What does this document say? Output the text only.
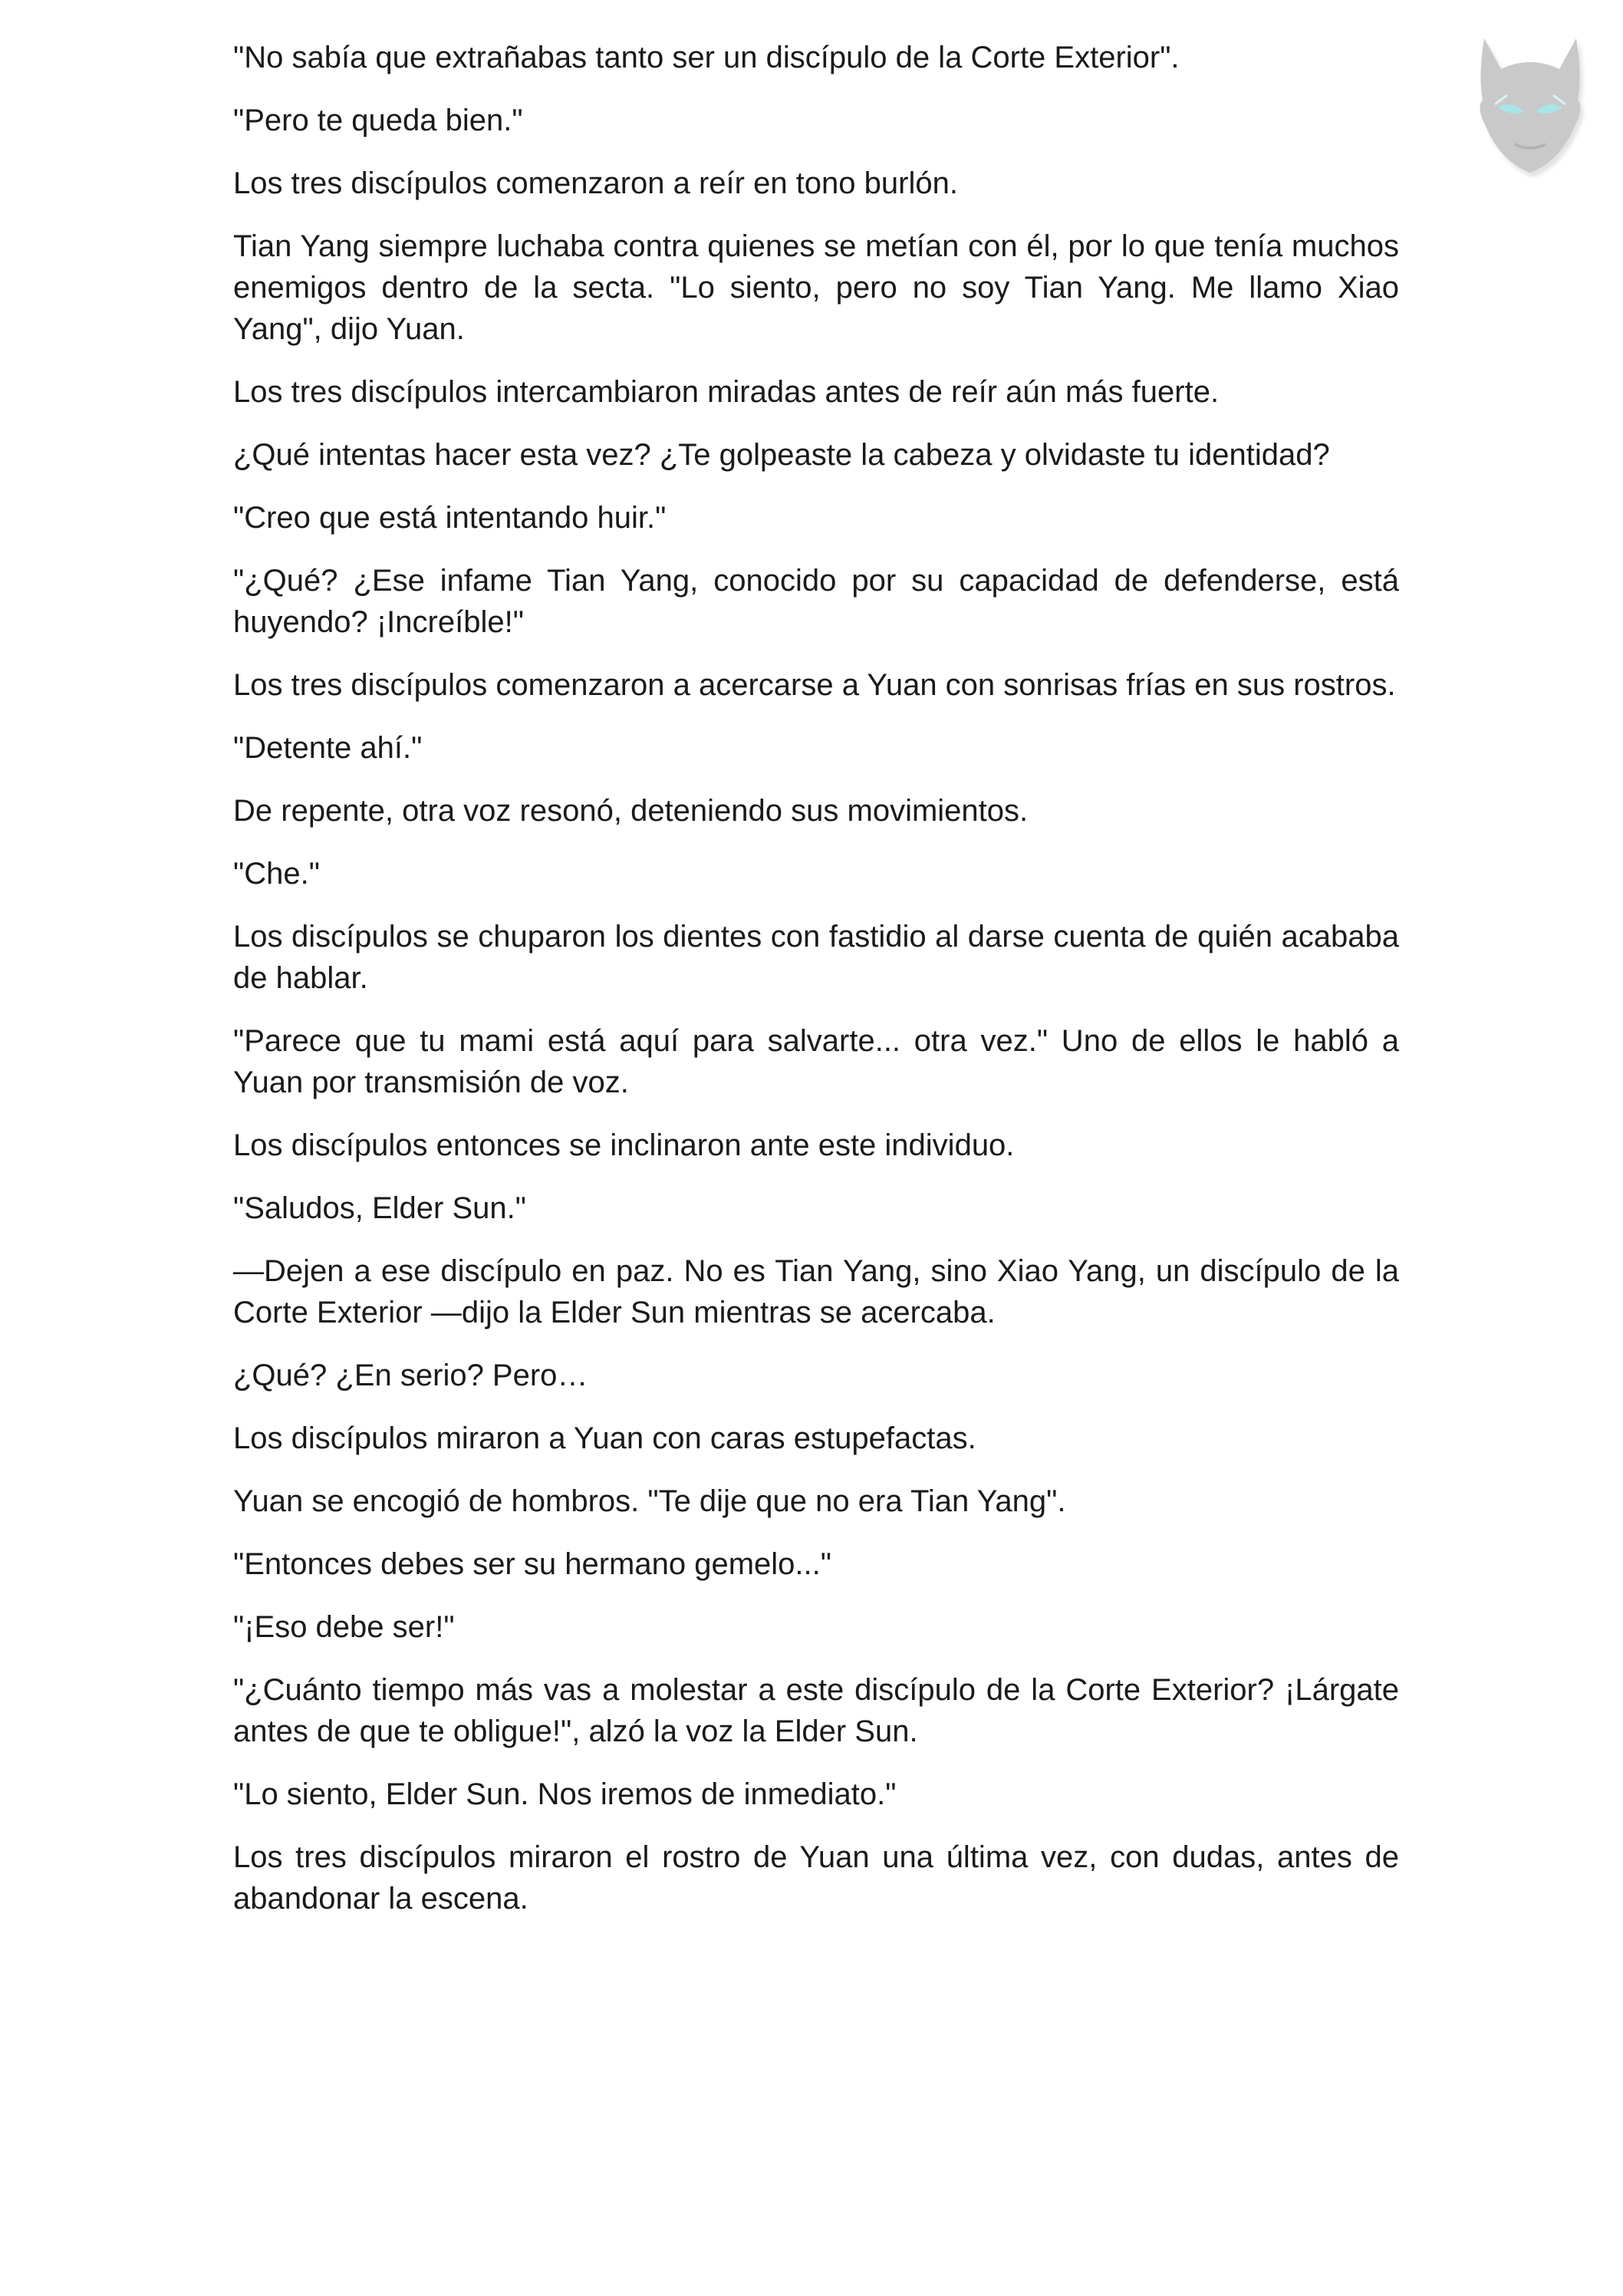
"No sabía que extrañabas tanto ser un discípulo de la Corte Exterior".

"Pero te queda bien."

Los tres discípulos comenzaron a reír en tono burlón.

Tian Yang siempre luchaba contra quienes se metían con él, por lo que tenía muchos enemigos dentro de la secta. "Lo siento, pero no soy Tian Yang. Me llamo Xiao Yang", dijo Yuan.

Los tres discípulos intercambiaron miradas antes de reír aún más fuerte.

¿Qué intentas hacer esta vez? ¿Te golpeaste la cabeza y olvidaste tu identidad?

"Creo que está intentando huir."

"¿Qué? ¿Ese infame Tian Yang, conocido por su capacidad de defenderse, está huyendo? ¡Increíble!"

Los tres discípulos comenzaron a acercarse a Yuan con sonrisas frías en sus rostros.

"Detente ahí."

De repente, otra voz resonó, deteniendo sus movimientos.

"Che."

Los discípulos se chuparon los dientes con fastidio al darse cuenta de quién acababa de hablar.

"Parece que tu mami está aquí para salvarte... otra vez." Uno de ellos le habló a Yuan por transmisión de voz.

Los discípulos entonces se inclinaron ante este individuo.

"Saludos, Elder Sun."

—Dejen a ese discípulo en paz. No es Tian Yang, sino Xiao Yang, un discípulo de la Corte Exterior —dijo la Elder Sun mientras se acercaba.

¿Qué? ¿En serio? Pero…

Los discípulos miraron a Yuan con caras estupefactas.

Yuan se encogió de hombros. "Te dije que no era Tian Yang".

"Entonces debes ser su hermano gemelo..."

"¡Eso debe ser!"

"¿Cuánto tiempo más vas a molestar a este discípulo de la Corte Exterior? ¡Lárgate antes de que te obligue!", alzó la voz la Elder Sun.

"Lo siento, Elder Sun. Nos iremos de inmediato."

Los tres discípulos miraron el rostro de Yuan una última vez, con dudas, antes de abandonar la escena.
